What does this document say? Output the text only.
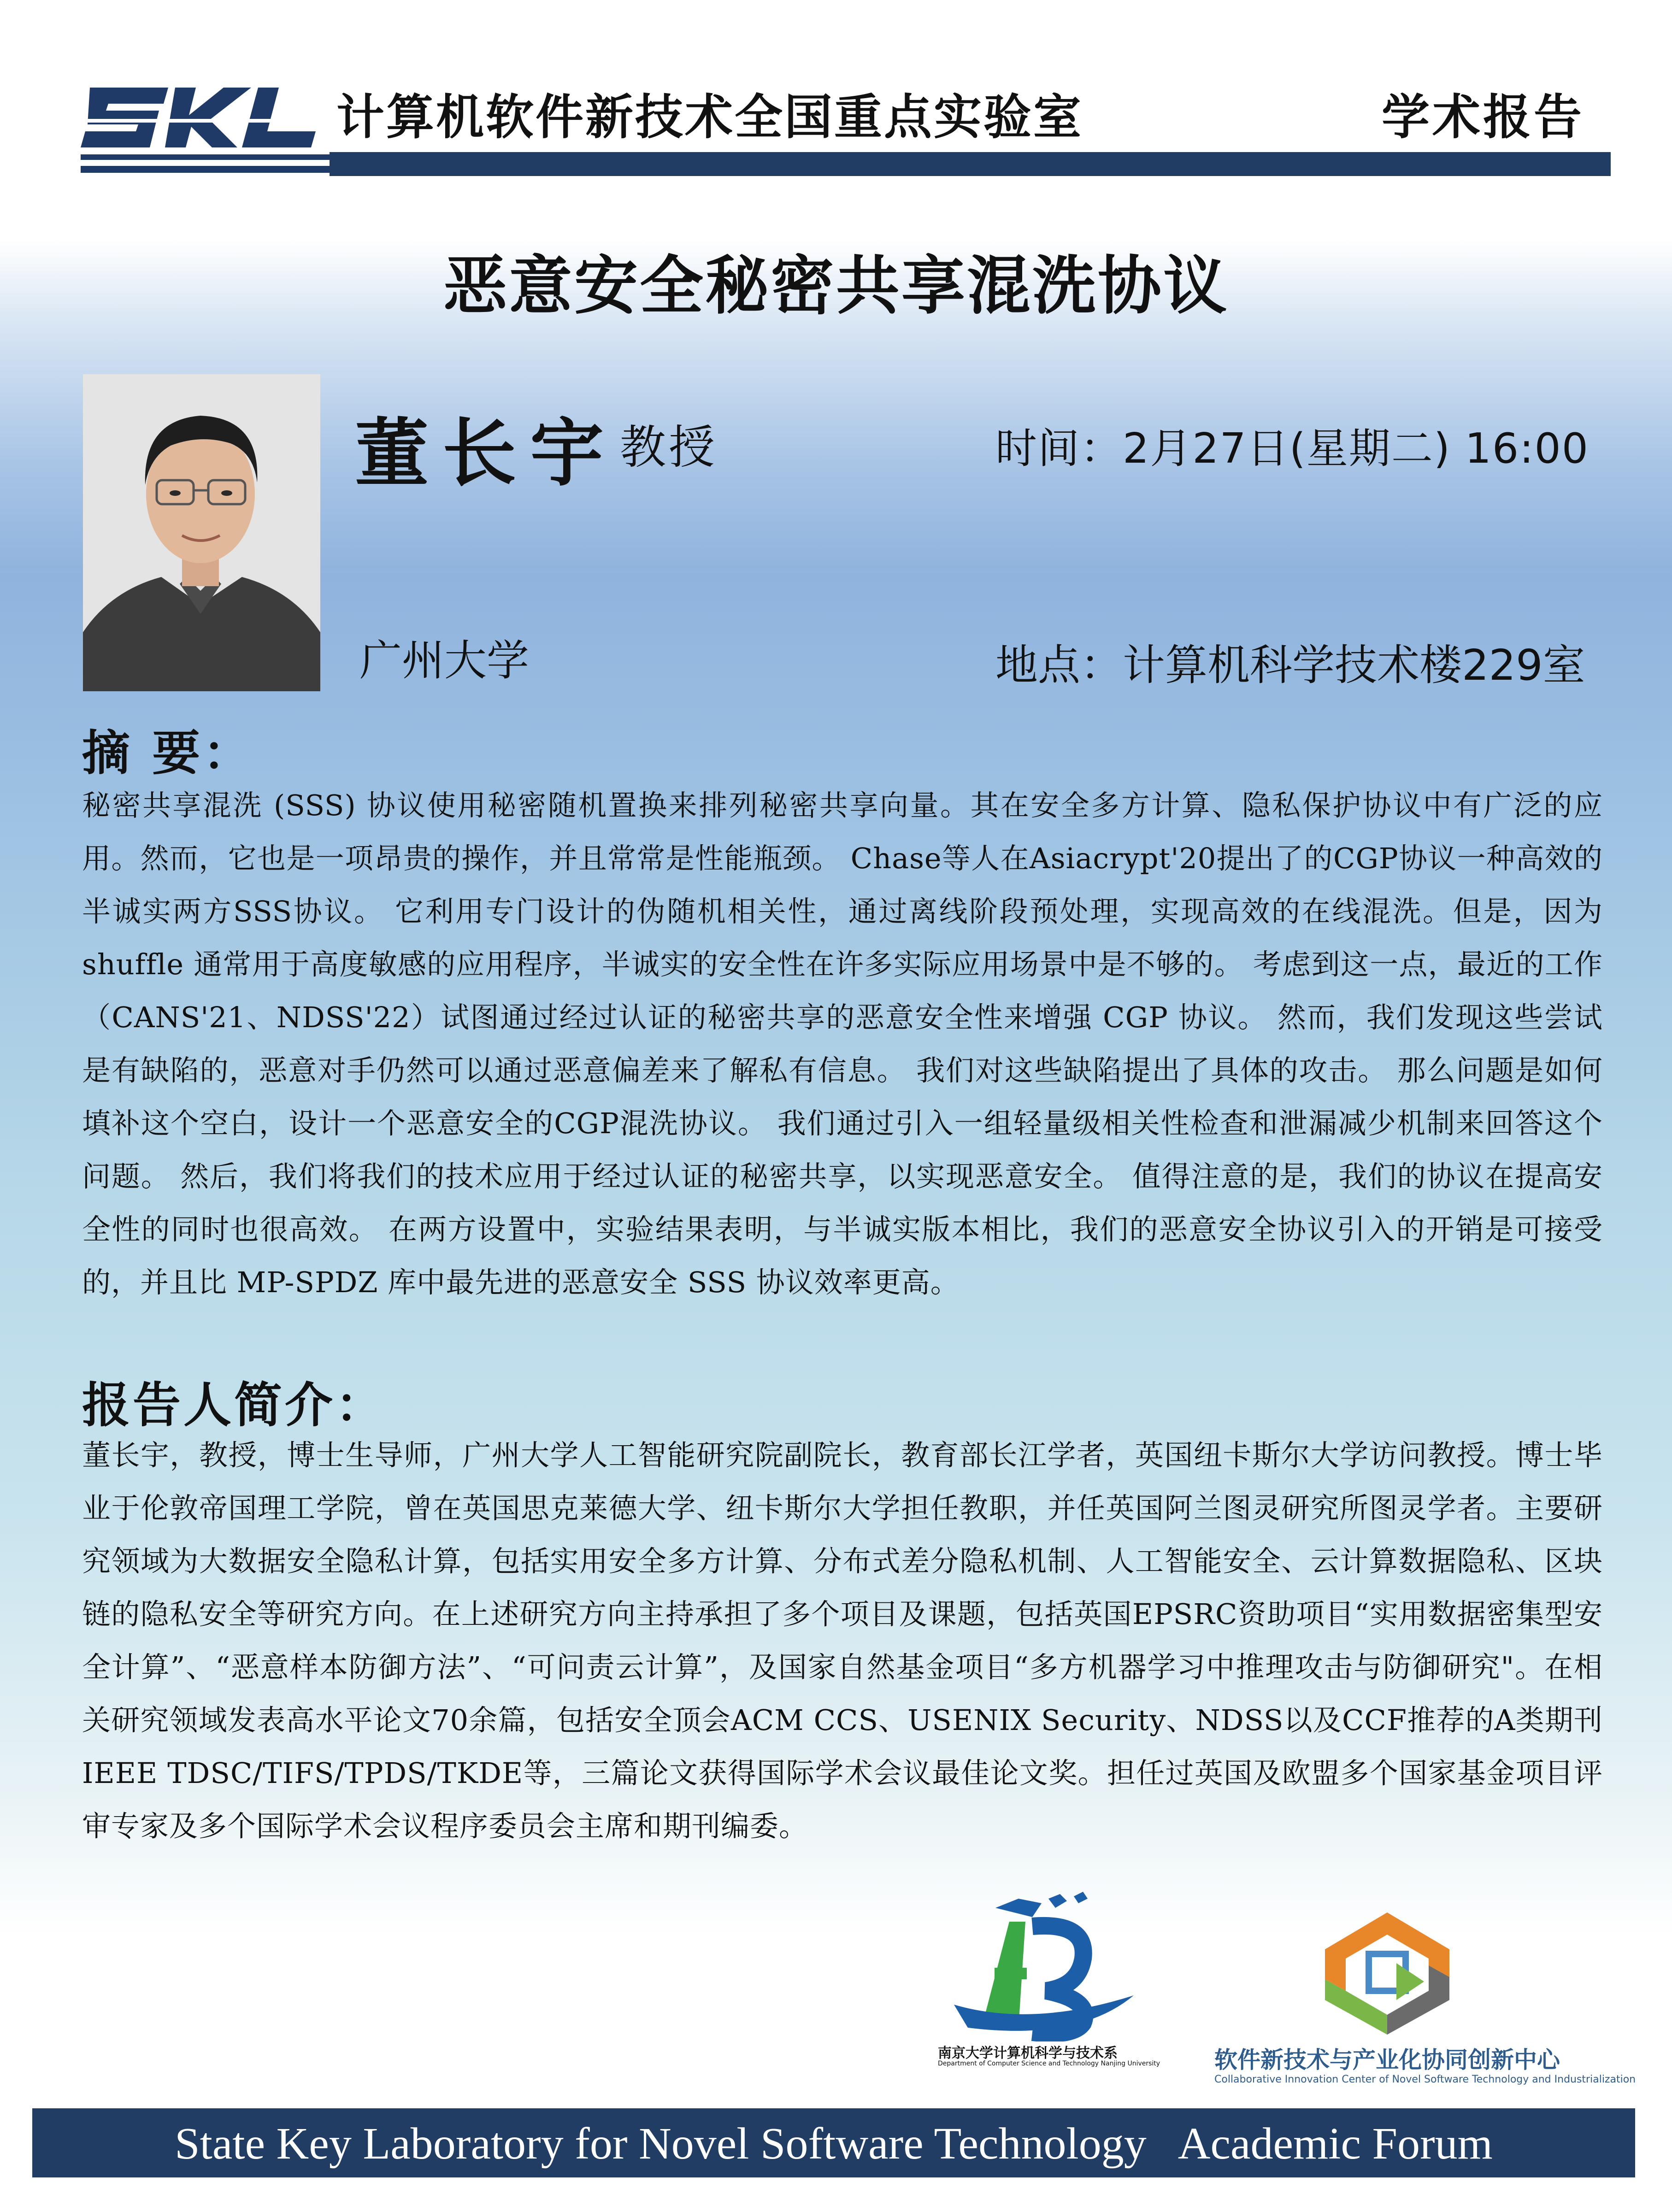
计算机软件新技术全国重点实验室	学术报告
恶意安全秘密共享混洗协议
董长宇 教授	时间：2月27日(星期二) 16:00
广州大学	地点：计算机科学技术楼229室
摘 要：

秘密共享混洗 (SSS) 协议使用秘密随机置换来排列秘密共享向量。其在安全多方计算、隐私保护协议中有广泛的应用。然而，它也是一项昂贵的操作，并且常常是性能瓶颈。 Chase等人在Asiacrypt'20提出了的CGP协议一种高效的半诚实两方SSS协议。 它利用专门设计的伪随机相关性，通过离线阶段预处理，实现高效的在线混洗。但是，因为 shuffle 通常用于高度敏感的应用程序，半诚实的安全性在许多实际应用场景中是不够的。 考虑到这一点，最近的工作（CANS'21、NDSS'22）试图通过经过认证的秘密共享的恶意安全性来增强 CGP 协议。 然而，我们发现这些尝试是有缺陷的，恶意对手仍然可以通过恶意偏差来了解私有信息。 我们对这些缺陷提出了具体的攻击。 那么问题是如何填补这个空白，设计一个恶意安全的CGP混洗协议。 我们通过引入一组轻量级相关性检查和泄漏减少机制来回答这个问题。 然后，我们将我们的技术应用于经过认证的秘密共享，以实现恶意安全。 值得注意的是，我们的协议在提高安全性的同时也很高效。 在两方设置中，实验结果表明，与半诚实版本相比，我们的恶意安全协议引入的开销是可接受的，并且比 MP-SPDZ 库中最先进的恶意安全 SSS 协议效率更高。

报告人简介：

董长宇，教授，博士生导师，广州大学人工智能研究院副院长，教育部长江学者，英国纽卡斯尔大学访问教授。博士毕业于伦敦帝国理工学院，曾在英国思克莱德大学、纽卡斯尔大学担任教职，并任英国阿兰图灵研究所图灵学者。主要研究领域为大数据安全隐私计算，包括实用安全多方计算、分布式差分隐私机制、人工智能安全、云计算数据隐私、区块链的隐私安全等研究方向。在上述研究方向主持承担了多个项目及课题，包括英国EPSRC资助项目“实用数据密集型安全计算”、“恶意样本防御方法”、“可问责云计算”，及国家自然基金项目“多方机器学习中推理攻击与防御研究"。在相关研究领域发表高水平论文70余篇，包括安全顶会ACM CCS、USENIX Security、NDSS以及CCF推荐的A类期刊IEEE TDSC/TIFS/TPDS/TKDE等，三篇论文获得国际学术会议最佳论文奖。担任过英国及欧盟多个国家基金项目评审专家及多个国际学术会议程序委员会主席和期刊编委。

南京大学计算机科学与技术系
Department of Computer Science and Technology Nanjing University 软件新技术与产业化协同创新中心
Collaborative Innovation Center of Novel Software Technology and Industrialization
State Key Laboratory for Novel Software Technology   Academic Forum
